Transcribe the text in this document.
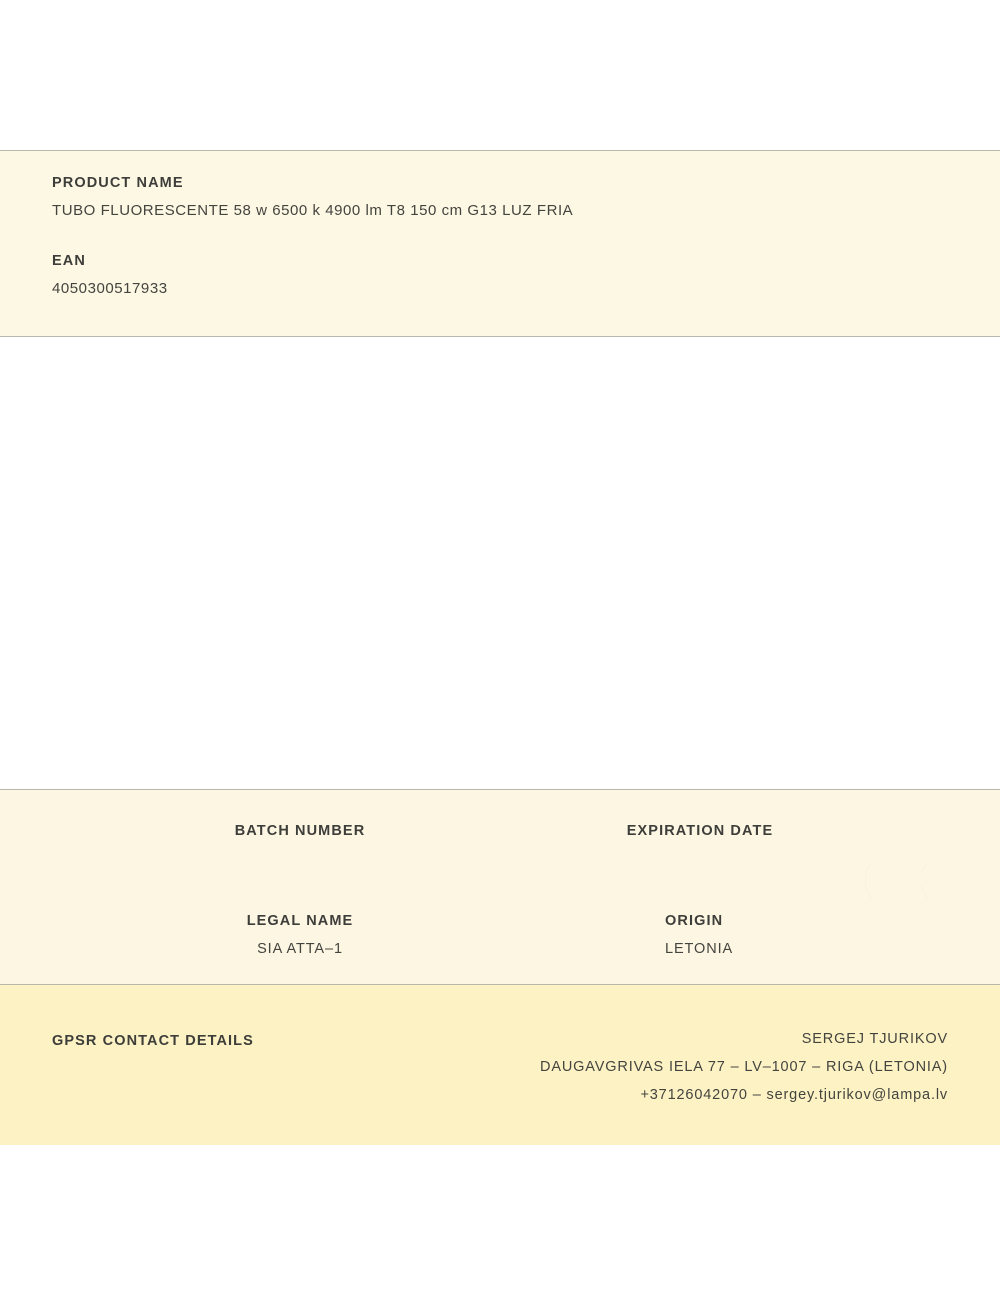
PRODUCT NAME

TUBO FLUORESCENTE 58 w 6500 k 4900 lm T8 150 cm G13 LUZ FRIA

EAN

4050300517933

BATCH NUMBER	EXPIRATION DATE

LEGAL NAME

SIA ATTA–1

ORIGIN

LETONIA

GPSR CONTACT DETAILS	SERGEJ TJURIKOV

DAUGAVGRIVAS IELA 77 – LV–1007 – RIGA (LETONIA)

+37126042070 – sergey.tjurikov@lampa.lv
